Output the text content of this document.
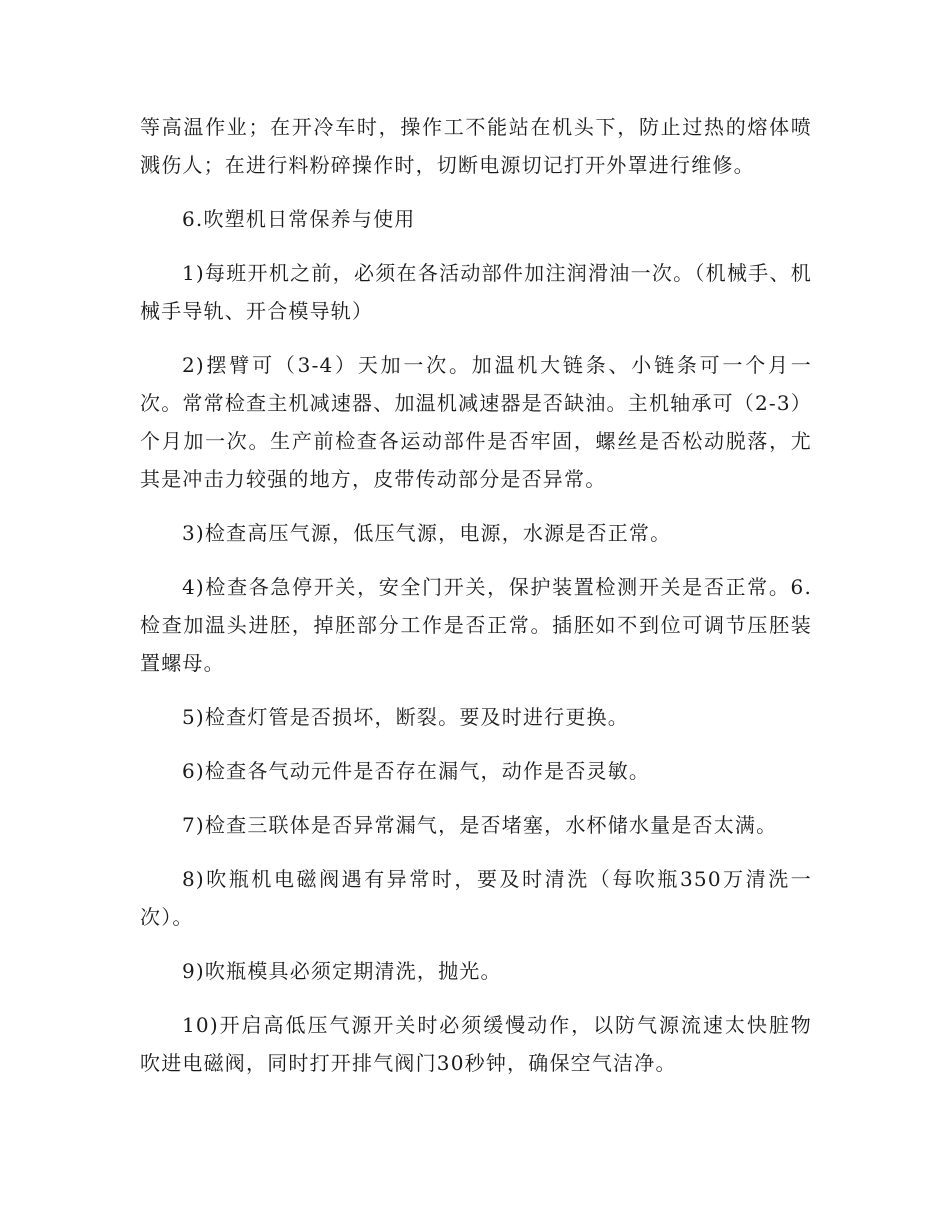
等高温作业；在开冷车时，操作工不能站在机头下，防止过热的熔体喷溅伤人；在进行料粉碎操作时，切断电源切记打开外罩进行维修。

6.吹塑机日常保养与使用

1)每班开机之前，必须在各活动部件加注润滑油一次。（机械手、机械手导轨、开合模导轨）

2)摆臂可（3-4）天加一次。加温机大链条、小链条可一个月一次。常常检查主机减速器、加温机减速器是否缺油。主机轴承可（2-3）个月加一次。生产前检查各运动部件是否牢固，螺丝是否松动脱落，尤其是冲击力较强的地方，皮带传动部分是否异常。

3)检查高压气源，低压气源，电源，水源是否正常。

4)检查各急停开关，安全门开关，保护装置检测开关是否正常。6.检查加温头进胚，掉胚部分工作是否正常。插胚如不到位可调节压胚装置螺母。

5)检查灯管是否损坏，断裂。要及时进行更换。

6)检查各气动元件是否存在漏气，动作是否灵敏。

7)检查三联体是否异常漏气，是否堵塞，水杯储水量是否太满。

8)吹瓶机电磁阀遇有异常时，要及时清洗（每吹瓶350万清洗一次）。

9)吹瓶模具必须定期清洗，抛光。

10)开启高低压气源开关时必须缓慢动作，以防气源流速太快脏物吹进电磁阀，同时打开排气阀门30秒钟，确保空气洁净。
